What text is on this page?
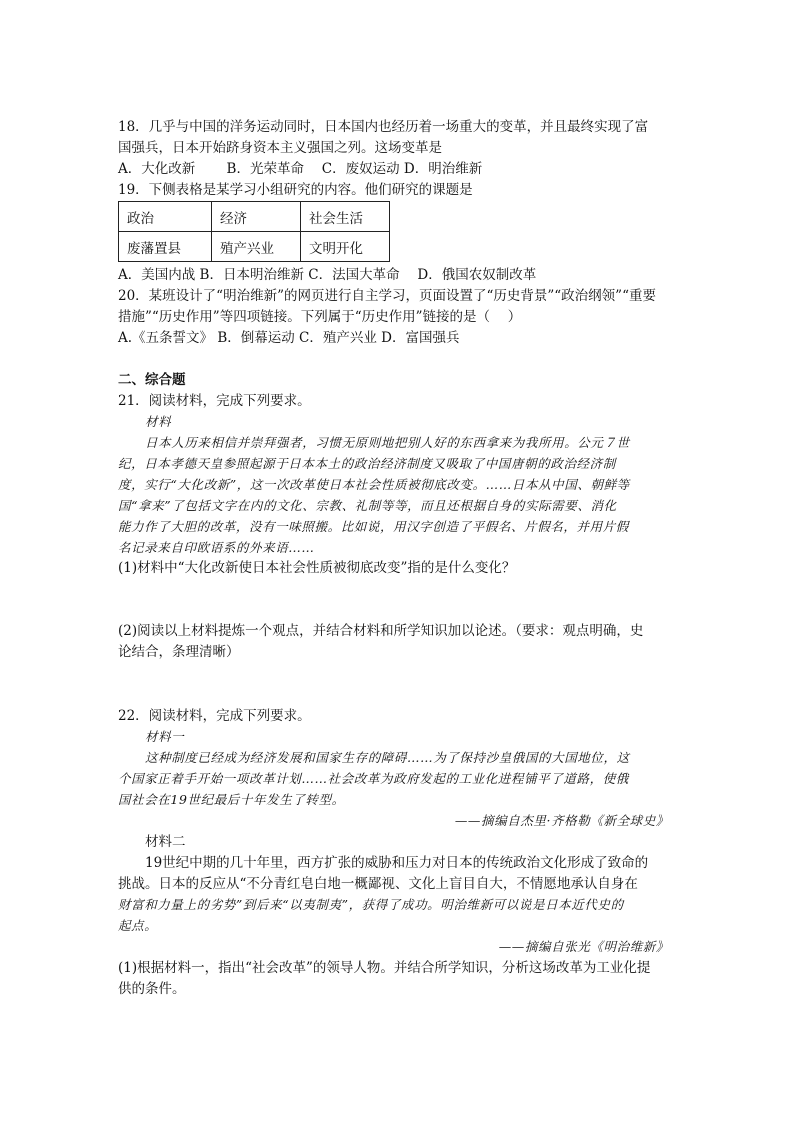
18．几乎与中国的洋务运动同时，日本国内也经历着一场重大的变革，并且最终实现了富
国强兵，日本开始跻身资本主义强国之列。这场变革是
A．大化改新　　 B．光荣革命　 C．废奴运动 D．明治维新
19．下侧表格是某学习小组研究的内容。他们研究的课题是
政治	经济	社会生活
废藩置县	殖产兴业	文明开化
A．美国内战 B．日本明治维新 C．法国大革命　 D．俄国农奴制改革
20．某班设计了“明治维新”的网页进行自主学习，页面设置了“历史背景”“政治纲领”“重要
措施”“历史作用”等四项链接。下列属于“历史作用”链接的是（　 ）
A.《五条誓文》 B．倒幕运动 C．殖产兴业 D．富国强兵
二、综合题
21．阅读材料，完成下列要求。
材料
日本人历来相信并崇拜强者，习惯无原则地把别人好的东西拿来为我所用。公元７世
纪，日本孝德天皇参照起源于日本本土的政治经济制度又吸取了中国唐朝的政治经济制
度，实行“大化改新”，这一次改革使日本社会性质被彻底改变。……日本从中国、朝鲜等
国“拿来”了包括文字在内的文化、宗教、礼制等等，而且还根据自身的实际需要、消化
能力作了大胆的改革，没有一味照搬。比如说，用汉字创造了平假名、片假名，并用片假
名记录来自印欧语系的外来语……
(1)材料中“大化改新使日本社会性质被彻底改变”指的是什么变化？
(2)阅读以上材料提炼一个观点，并结合材料和所学知识加以论述。（要求：观点明确，史
论结合，条理清晰）
22．阅读材料，完成下列要求。
材料一
这种制度已经成为经济发展和国家生存的障碍……为了保持沙皇俄国的大国地位，这
个国家正着手开始一项改革计划……社会改革为政府发起的工业化进程铺平了道路，使俄
国社会在19世纪最后十年发生了转型。
——摘编自杰里·齐格勒《新全球史》
材料二
19世纪中期的几十年里，西方扩张的威胁和压力对日本的传统政治文化形成了致命的
挑战。日本的反应从“不分青红皂白地一概鄙视、文化上盲目自大，不情愿地承认自身在
财富和力量上的劣势”到后来“以夷制夷”，获得了成功。明治维新可以说是日本近代史的
起点。
——摘编自张光《明治维新》
(1)根据材料一，指出“社会改革”的领导人物。并结合所学知识，分析这场改革为工业化提
供的条件。
